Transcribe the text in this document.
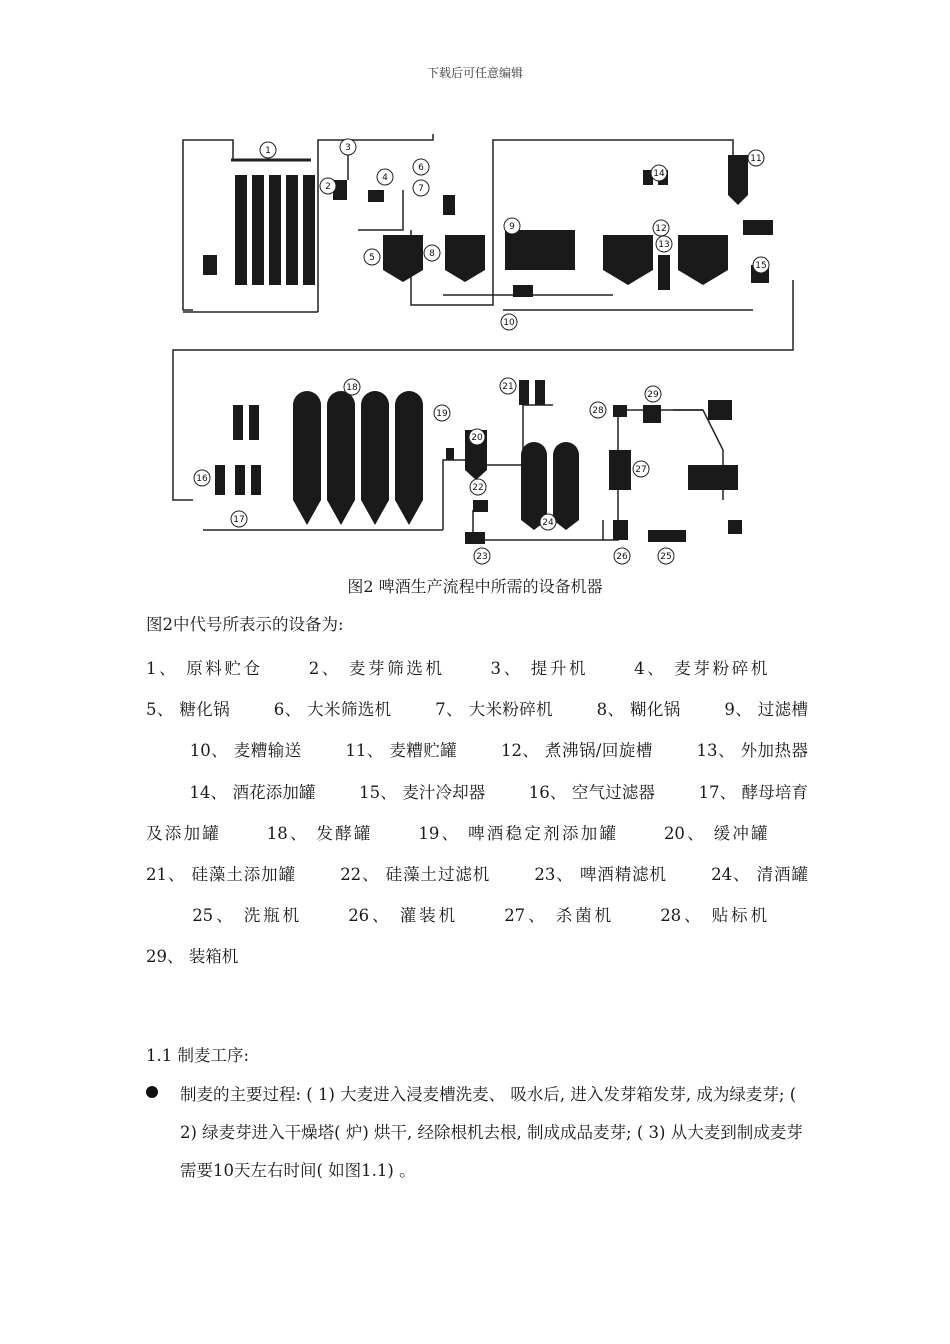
下载后可任意编辑
1
2
3
4
5
6
7
8
9
10
11
12
13
14
15
16
17
18
19
20
21
22
23
24
25
26
27
28
29
图2 啤酒生产流程中所需的设备机器
图2中代号所表示的设备为:
1、 原料贮仓	2、 麦芽筛选机	3、 提升机	4、 麦芽粉碎机 5、 糖化锅	6、 大米筛选机	7、 大米粉碎机	8、 糊化锅	9、 过滤槽 10、 麦糟输送	11、 麦糟贮罐	12、 煮沸锅/回旋槽	13、 外加热器 14、 酒花添加罐	15、 麦汁冷却器	16、 空气过滤器	17、 酵母培育及添加罐	18、 发酵罐	19、 啤酒稳定剂添加罐	20、 缓冲罐 21、 硅藻土添加罐	22、 硅藻土过滤机	23、 啤酒精滤机	24、 清酒罐 25、 洗瓶机	26、 灌装机	27、 杀菌机	28、 贴标机 29、 装箱机
1.1 制麦工序:
制麦的主要过程: ( 1) 大麦进入浸麦槽洗麦、 吸水后, 进入发芽箱发芽, 成为绿麦芽; ( 2) 绿麦芽进入干燥塔( 炉) 烘干, 经除根机去根, 制成成品麦芽; ( 3) 从大麦到制成麦芽需要10天左右时间( 如图1.1) 。
